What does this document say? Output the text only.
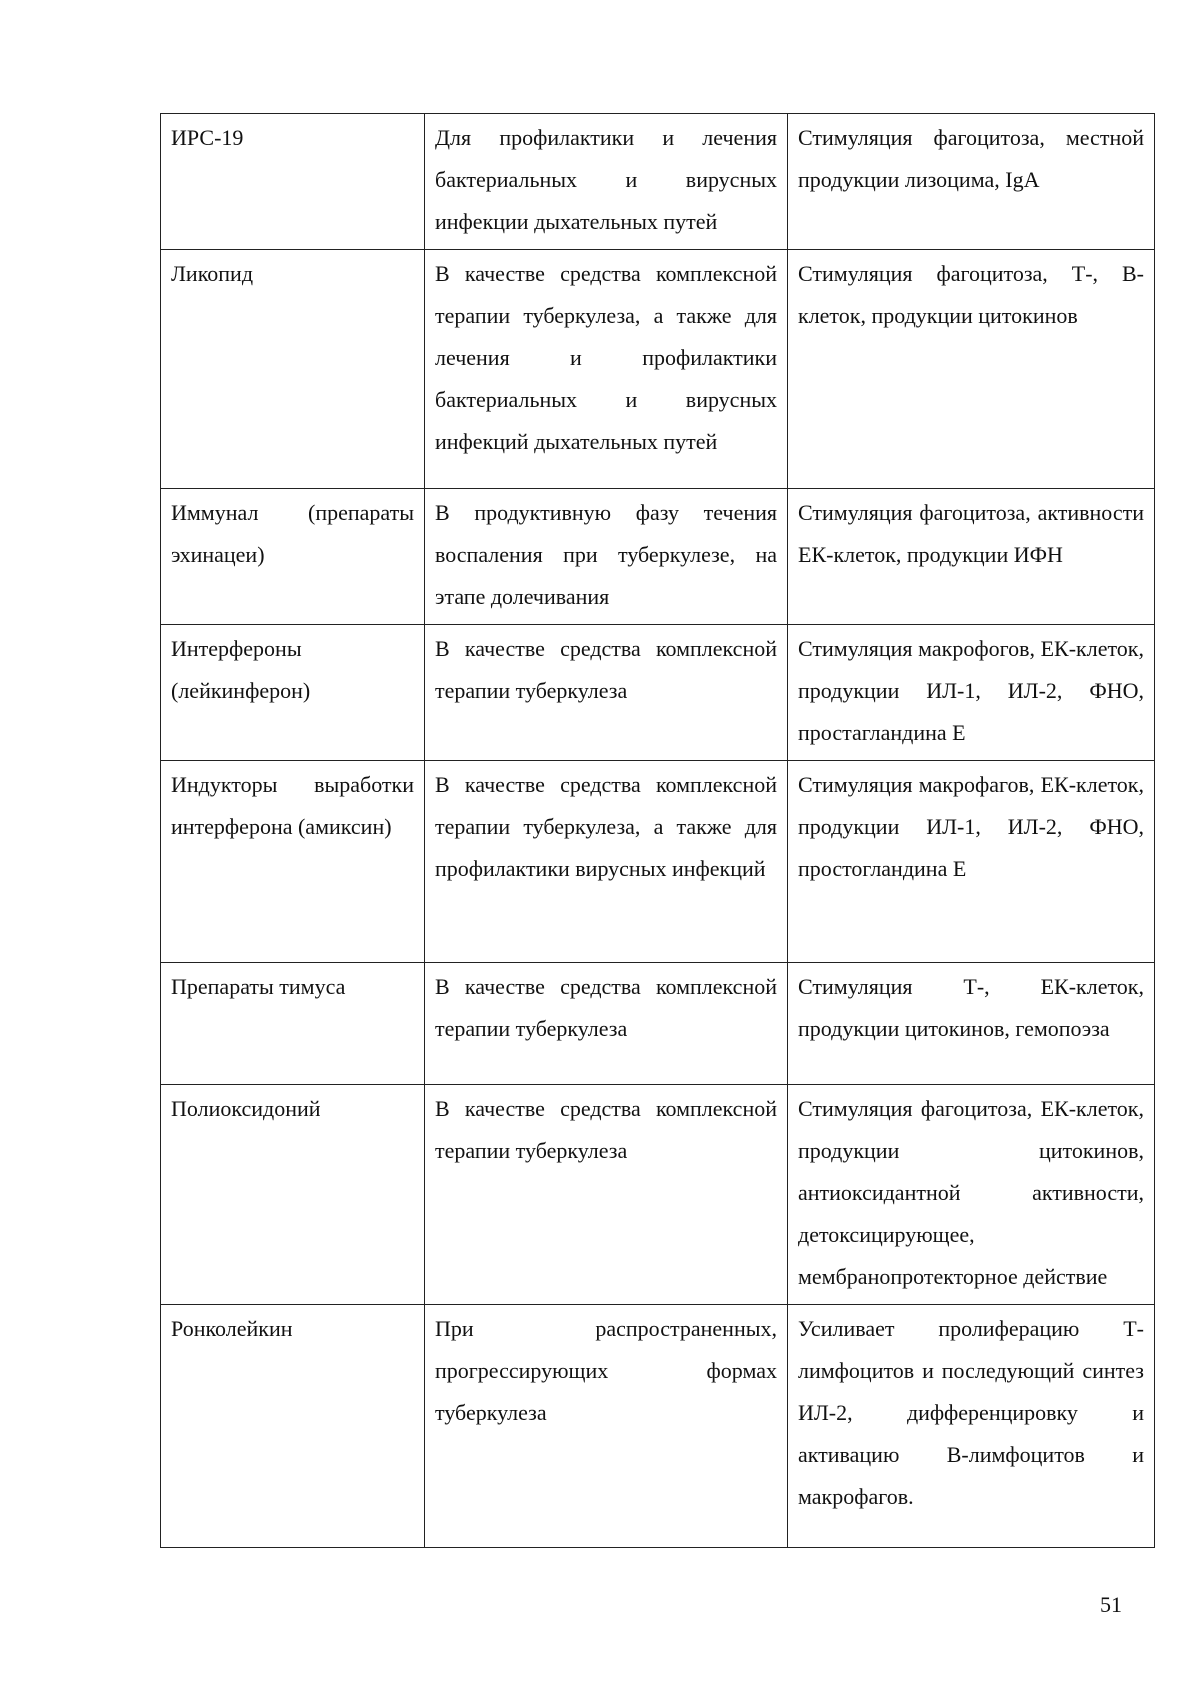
ИРС-19	Для профилактики и лечения бактериальных и вирусных инфекции дыхательных путей	Стимуляция фагоцитоза, местной продукции лизоцима, IgA
Ликопид	В качестве средства комплексной терапии туберкулеза, а также для лечения и профилактики бактериальных и вирусных инфекций дыхательных путей	Стимуляция фагоцитоза, Т-, В-клеток, продукции цитокинов
Иммунал (препараты эхинацеи)	В продуктивную фазу течения воспаления при туберкулезе, на этапе долечивания	Стимуляция фагоцитоза, активности ЕК-клеток, продукции ИФН
Интерфероны (лейкинферон)	В качестве средства комплексной терапии туберкулеза	Стимуляция макрофогов, ЕК-клеток, продукции ИЛ-1, ИЛ-2, ФНО, простагландина Е
Индукторы выработки интерферона (амиксин)	В качестве средства комплексной терапии туберкулеза, а также для профилактики вирусных инфекций	Стимуляция макрофагов, ЕК-клеток, продукции ИЛ-1, ИЛ-2, ФНО, простогландина Е
Препараты тимуса	В качестве средства комплексной терапии туберкулеза	Стимуляция Т-, ЕК-клеток, продукции цитокинов, гемопоэза
Полиоксидоний	В качестве средства комплексной терапии туберкулеза	Стимуляция фагоцитоза, ЕК-клеток, продукции цитокинов, антиоксидантной активности, детоксицирующее, мембранопротекторное действие
Ронколейкин	При распространенных, прогрессирующих формах туберкулеза	Усиливает пролиферацию Т-лимфоцитов и последующий синтез ИЛ-2, дифференцировку и активацию В-лимфоцитов и макрофагов.
51
